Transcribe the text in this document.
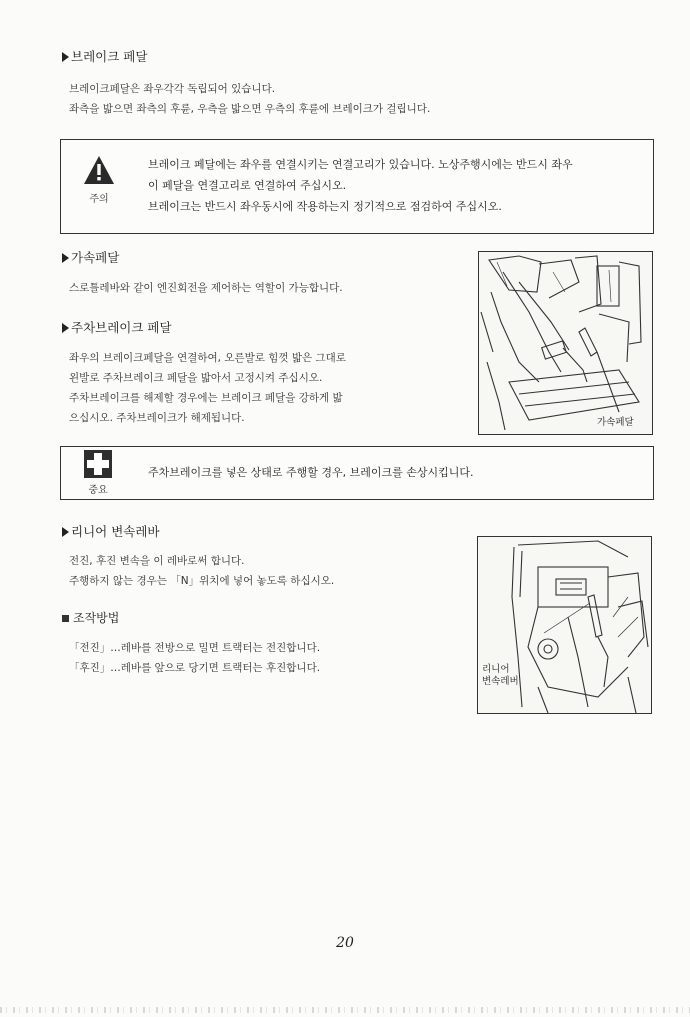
브레이크 페달
브레이크페달은 좌우각각 독립되어 있습니다.
좌측을 밟으면 좌측의 후륜, 우측을 밟으면 우측의 후륜에 브레이크가 걸립니다.
주의
브레이크 페달에는 좌우를 연결시키는 연결고리가 있습니다. 노상주행시에는 반드시 좌우
이 페달을 연결고리로 연결하여 주십시오.
브레이크는 반드시 좌우동시에 작용하는지 정기적으로 점검하여 주십시오.
가속페달
스로틀레바와 같이 엔진회전을 제어하는 역할이 가능합니다.
가속페달
주차브레이크 페달
좌우의 브레이크페달을 연결하여, 오른발로 힘껏 밟은 그대로
왼발로 주차브레이크 페달을 밟아서 고정시켜 주십시오.
주차브레이크를 해제할 경우에는 브레이크 페달을 강하게 밟
으십시오. 주차브레이크가 해제됩니다.
중요
주차브레이크를 넣은 상태로 주행할 경우, 브레이크를 손상시킵니다.
리니어 변속레바
전진, 후진 변속을 이 레바로써 합니다.
주행하지 않는 경우는 「N」위치에 넣어 놓도록 하십시오.
조작방법
「전진」…레바를 전방으로 밀면 트랙터는 전진합니다.
「후진」…레바를 앞으로 당기면 트랙터는 후진합니다.	리니어
변속레버
20
